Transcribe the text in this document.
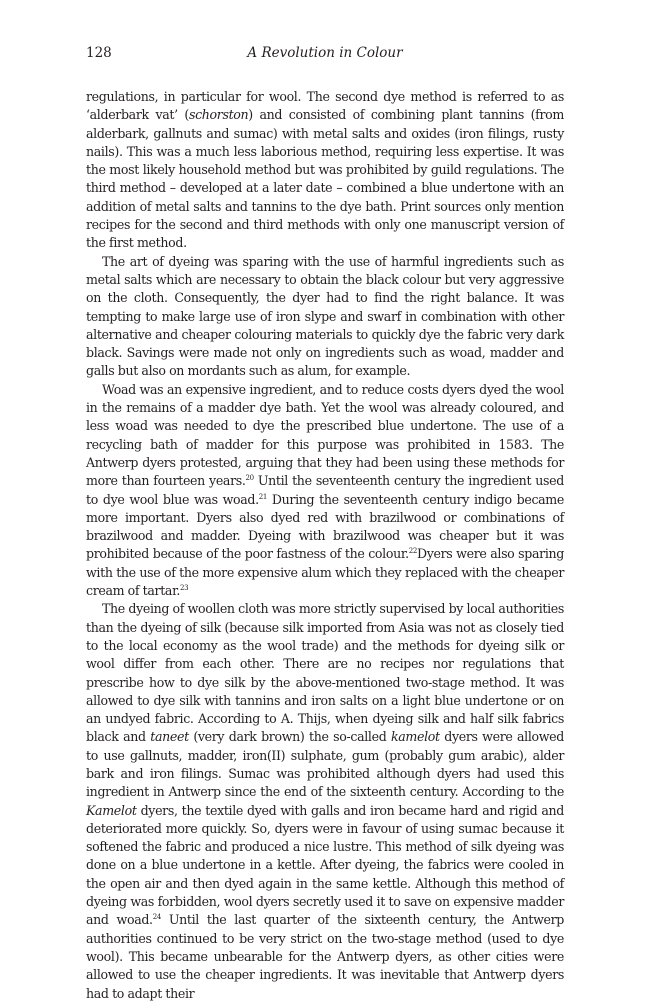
128	A Revolution in Colour

regulations, in particular for wool. The second dye method is referred to as ‘alderbark vat’ (schorston) and consisted of combining plant tannins (from alderbark, gallnuts and sumac) with metal salts and oxides (iron filings, rusty nails). This was a much less laborious method, requiring less expertise. It was the most likely household method but was prohibited by guild regulations. The third method – developed at a later date – combined a blue undertone with an addition of metal salts and tannins to the dye bath. Print sources only mention recipes for the second and third methods with only one manuscript version of the first method.

The art of dyeing was sparing with the use of harmful ingredients such as metal salts which are necessary to obtain the black colour but very aggressive on the cloth. Consequently, the dyer had to find the right balance. It was tempting to make large use of iron slype and swarf in combination with other alternative and cheaper colouring materials to quickly dye the fabric very dark black. Savings were made not only on ingredients such as woad, madder and galls but also on mordants such as alum, for example.

Woad was an expensive ingredient, and to reduce costs dyers dyed the wool in the remains of a madder dye bath. Yet the wool was already coloured, and less woad was needed to dye the prescribed blue undertone. The use of a recycling bath of madder for this purpose was prohibited in 1583. The Antwerp dyers protested, arguing that they had been using these methods for more than fourteen years.$^{20}$ Until the seventeenth century the ingredient used to dye wool blue was woad.$^{21}$ During the seventeenth century indigo became more important. Dyers also dyed red with brazilwood or combinations of brazilwood and madder. Dyeing with brazilwood was cheaper but it was prohibited because of the poor fastness of the colour.$^{22}$Dyers were also sparing with the use of the more expensive alum which they replaced with the cheaper cream of tartar.$^{23}$

The dyeing of woollen cloth was more strictly supervised by local authorities than the dyeing of silk (because silk imported from Asia was not as closely tied to the local economy as the wool trade) and the methods for dyeing silk or wool differ from each other. There are no recipes nor regulations that prescribe how to dye silk by the above-mentioned two-stage method. It was allowed to dye silk with tannins and iron salts on a light blue undertone or on an undyed fabric. According to A. Thijs, when dyeing silk and half silk fabrics black and taneet (very dark brown) the so-called kamelot dyers were allowed to use gallnuts, madder, iron(II) sulphate, gum (probably gum arabic), alder bark and iron filings. Sumac was prohibited although dyers had used this ingredient in Antwerp since the end of the sixteenth century. According to the Kamelot dyers, the textile dyed with galls and iron became hard and rigid and deteriorated more quickly. So, dyers were in favour of using sumac because it softened the fabric and produced a nice lustre. This method of silk dyeing was done on a blue undertone in a kettle. After dyeing, the fabrics were cooled in the open air and then dyed again in the same kettle. Although this method of dyeing was forbidden, wool dyers secretly used it to save on expensive madder and woad.$^{24}$ Until the last quarter of the sixteenth century, the Antwerp authorities continued to be very strict on the two-stage method (used to dye wool). This became unbearable for the Antwerp dyers, as other cities were allowed to use the cheaper ingredients. It was inevitable that Antwerp dyers had to adapt their
